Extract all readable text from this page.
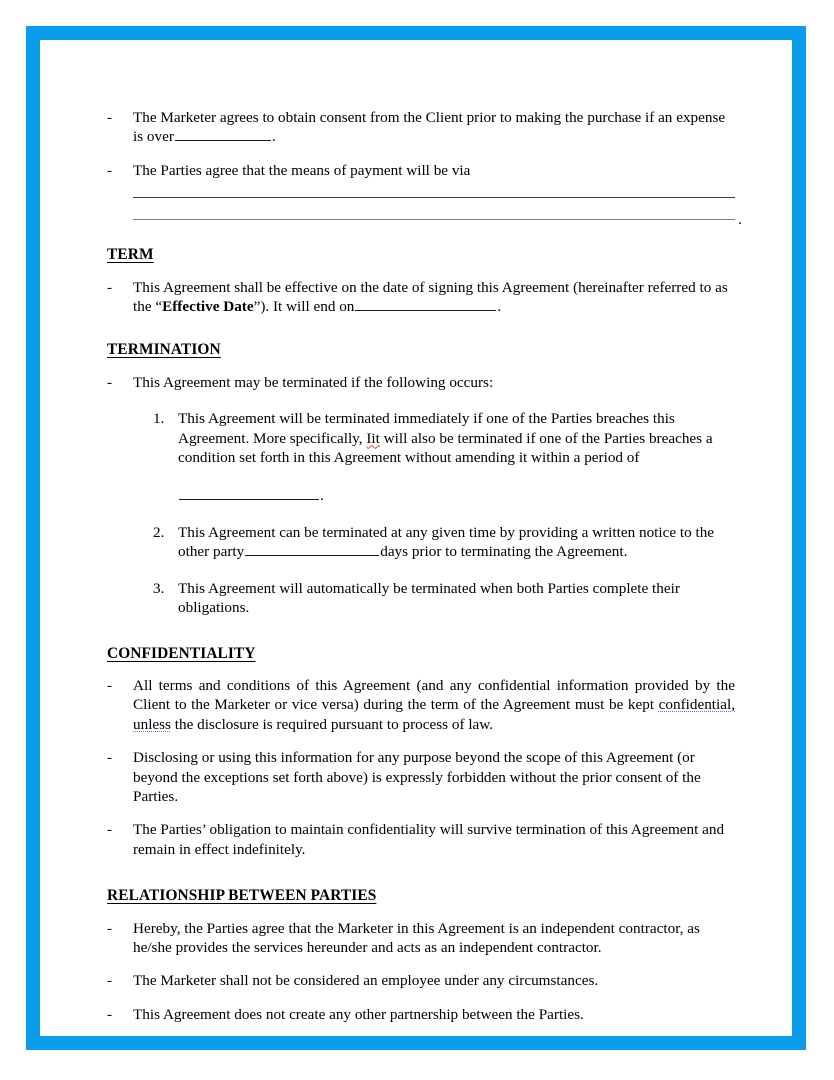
-	The Marketer agrees to obtain consent from the Client prior to making the purchase if an expense is over	.
-	The Parties agree that the means of payment will be via
.
TERM
-	This Agreement shall be effective on the date of signing this Agreement (hereinafter referred to as the “Effective Date”). It will end on	.
TERMINATION
-	This Agreement may be terminated if the following occurs:
1. This Agreement will be terminated immediately if one of the Parties breaches this Agreement. More specifically, Iit will also be terminated if one of the Parties breaches a condition set forth in this Agreement without amending it within a period of
.
2. This Agreement can be terminated at any given time by providing a written notice to the other party	days prior to terminating the Agreement.
3. This Agreement will automatically be terminated when both Parties complete their obligations.
CONFIDENTIALITY
-	All terms and conditions of this Agreement (and any confidential information provided by the Client to the Marketer or vice versa) during the term of the Agreement must be kept confidential, unless the disclosure is required pursuant to process of law.
-	Disclosing or using this information for any purpose beyond the scope of this Agreement (or beyond the exceptions set forth above) is expressly forbidden without the prior consent of the Parties.
-	The Parties’ obligation to maintain confidentiality will survive termination of this Agreement and remain in effect indefinitely.
RELATIONSHIP BETWEEN PARTIES
-	Hereby, the Parties agree that the Marketer in this Agreement is an independent contractor, as he/she provides the services hereunder and acts as an independent contractor.
-	The Marketer shall not be considered an employee under any circumstances.
-	This Agreement does not create any other partnership between the Parties.
